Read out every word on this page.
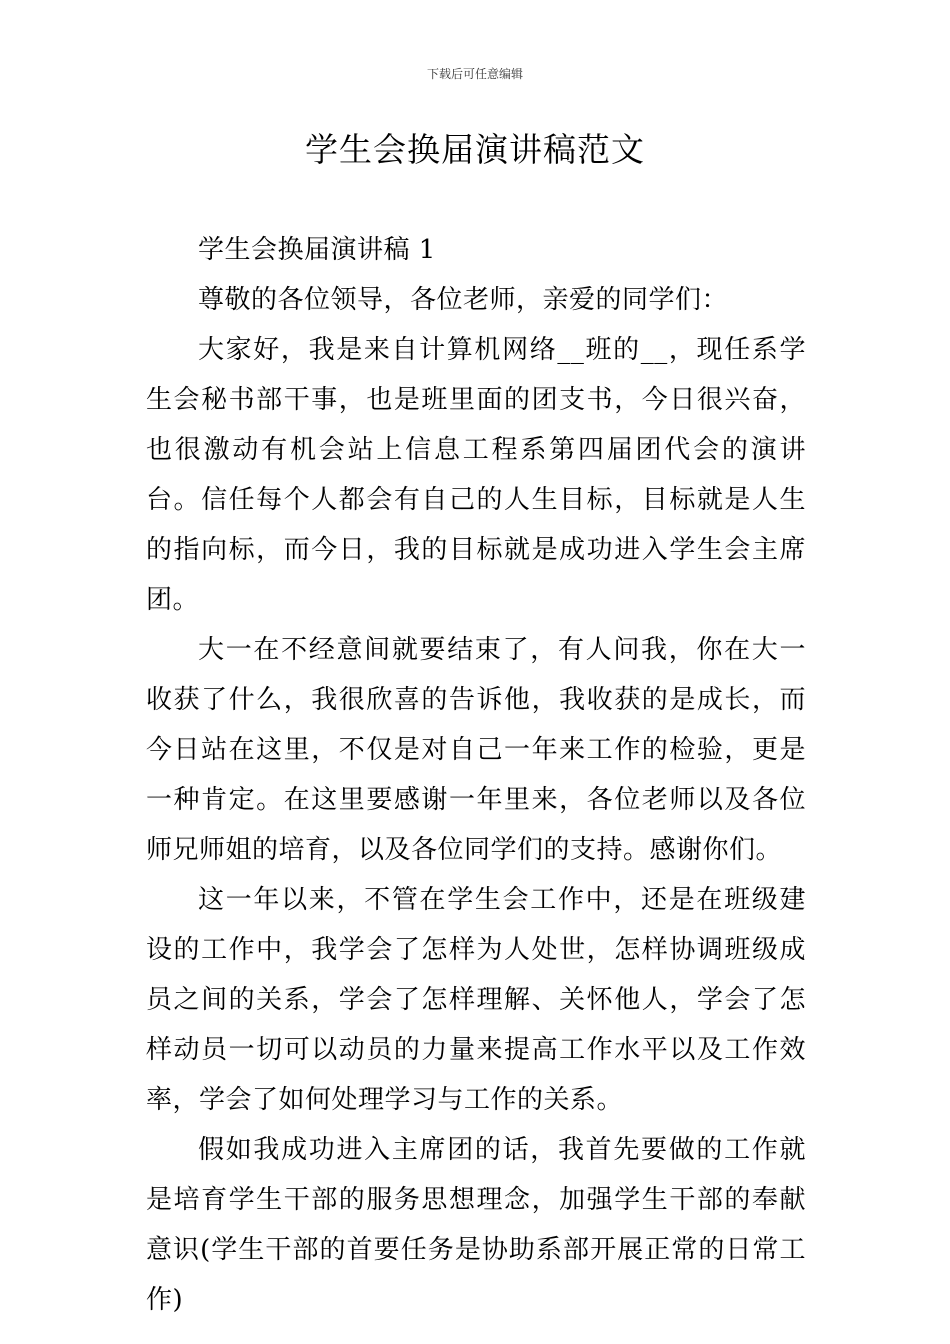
下载后可任意编辑
学生会换届演讲稿范文

学生会换届演讲稿 1

尊敬的各位领导，各位老师，亲爱的同学们：

大家好，我是来自计算机网络__班的__，现任系学生会秘书部干事，也是班里面的团支书，今日很兴奋，也很激动有机会站上信息工程系第四届团代会的演讲台。信任每个人都会有自己的人生目标，目标就是人生的指向标，而今日，我的目标就是成功进入学生会主席团。

大一在不经意间就要结束了，有人问我，你在大一收获了什么，我很欣喜的告诉他，我收获的是成长，而今日站在这里，不仅是对自己一年来工作的检验，更是一种肯定。在这里要感谢一年里来，各位老师以及各位师兄师姐的培育，以及各位同学们的支持。感谢你们。

这一年以来，不管在学生会工作中，还是在班级建设的工作中，我学会了怎样为人处世，怎样协调班级成员之间的关系，学会了怎样理解、关怀他人，学会了怎样动员一切可以动员的力量来提高工作水平以及工作效率，学会了如何处理学习与工作的关系。

假如我成功进入主席团的话，我首先要做的工作就是培育学生干部的服务思想理念，加强学生干部的奉献意识(学生干部的首要任务是协助系部开展正常的日常工作)
